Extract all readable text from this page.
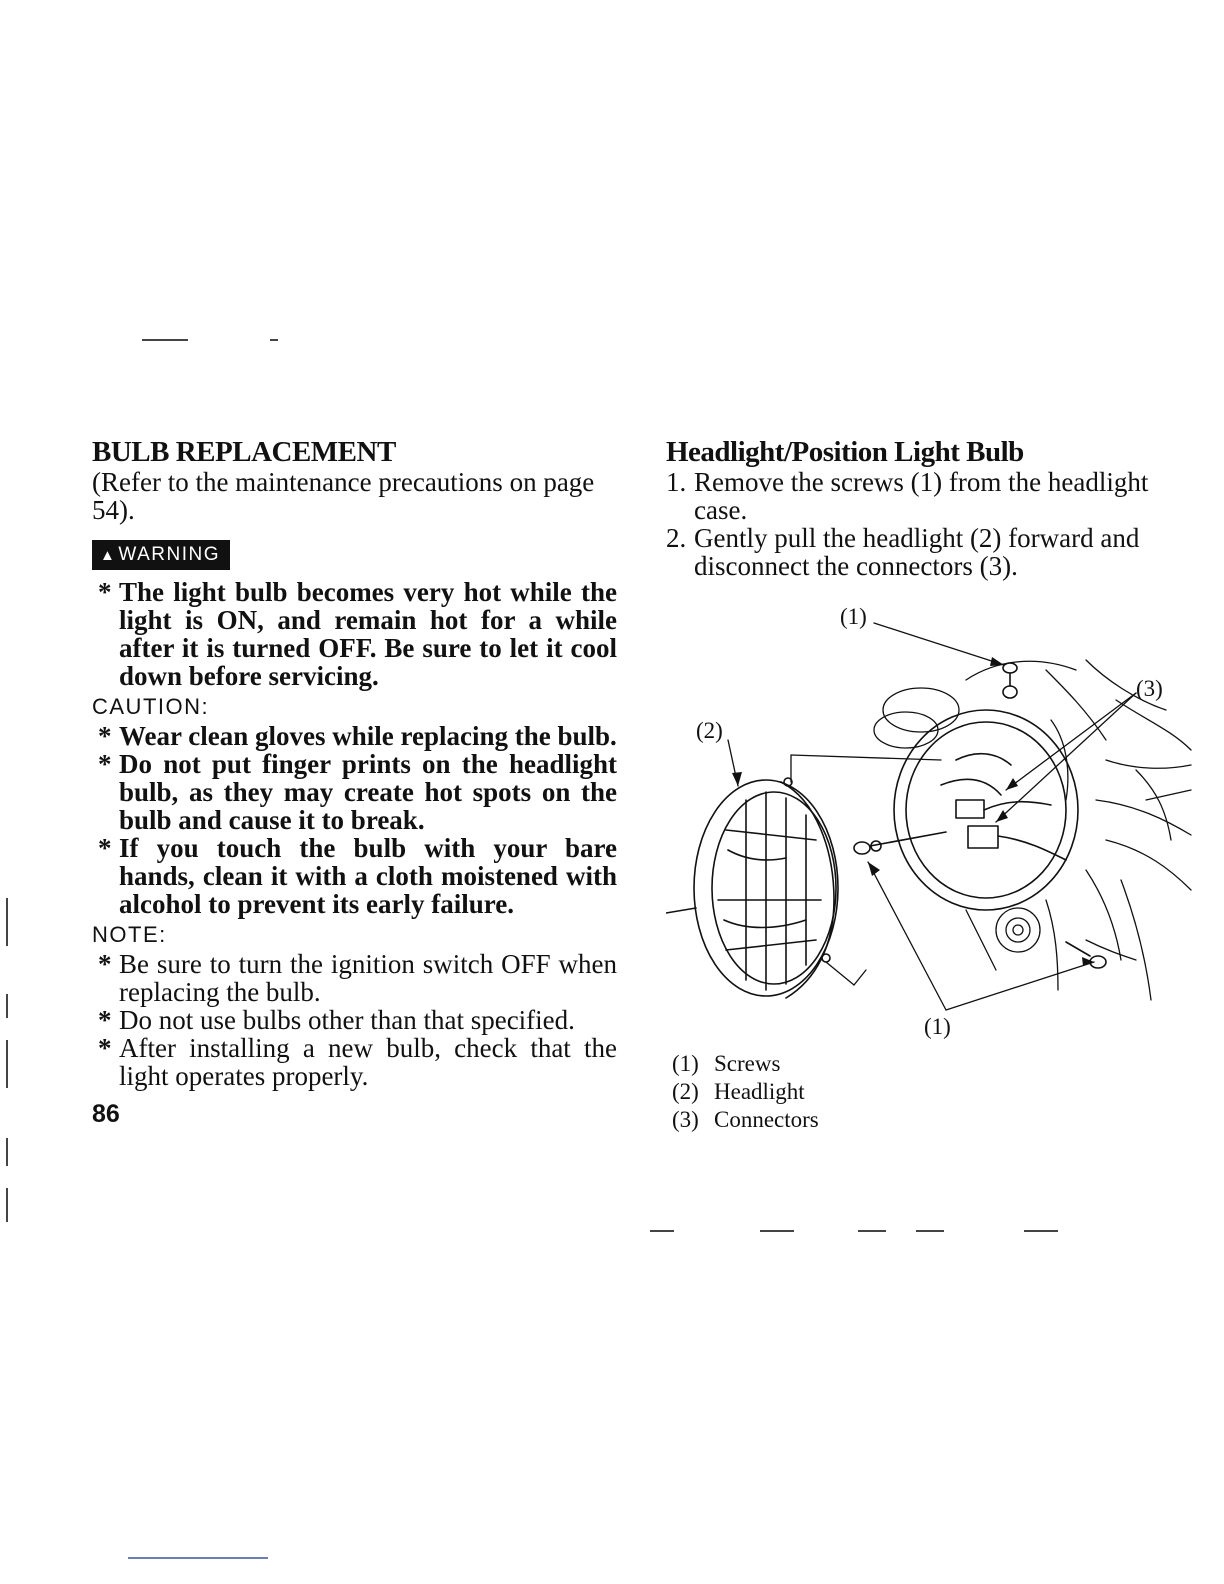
BULB REPLACEMENT

(Refer to the maintenance precautions on page 54).

▲ WARNING
* The light bulb becomes very hot while the light is ON, and remain hot for a while after it is turned OFF. Be sure to let it cool down before servicing.

CAUTION:

* Wear clean gloves while replacing the bulb.
* Do not put finger prints on the headlight bulb, as they may create hot spots on the bulb and cause it to break.
* If you touch the bulb with your bare hands, clean it with a cloth moistened with alcohol to prevent its early failure.

NOTE:

* Be sure to turn the ignition switch OFF when replacing the bulb.
* Do not use bulbs other than that specified.
* After installing a new bulb, check that the light operates properly.
86
Headlight/Position Light Bulb
1. Remove the screws (1) from the headlight case.
2. Gently pull the headlight (2) forward and disconnect the connectors (3).
(1)
(2)
(3)
(1)
(1) Screws
(2) Headlight
(3) Connectors
